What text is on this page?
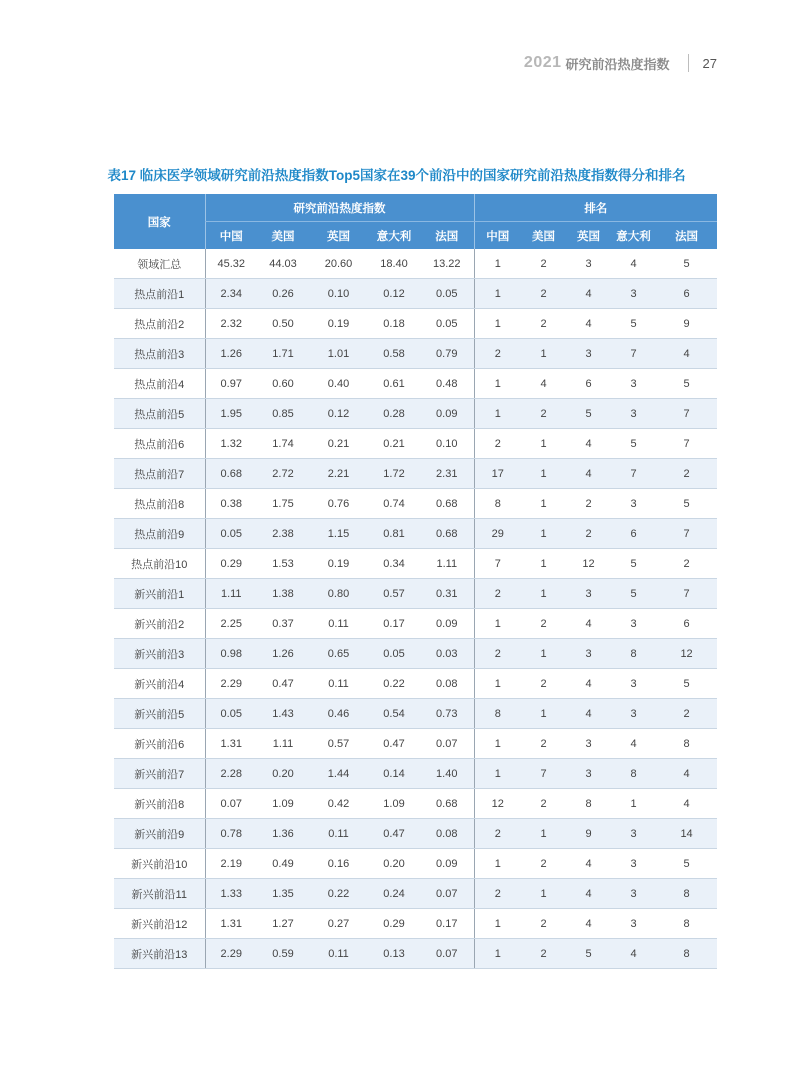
2021 研究前沿热度指数	27
表17 临床医学领域研究前沿热度指数Top5国家在39个前沿中的国家研究前沿热度指数得分和排名
国家	研究前沿热度指数					排名				
	中国	美国	英国	意大利	法国	中国	美国	英国	意大利	法国
领域汇总	45.32	44.03	20.60	18.40	13.22	1	2	3	4	5
热点前沿1	2.34	0.26	0.10	0.12	0.05	1	2	4	3	6
热点前沿2	2.32	0.50	0.19	0.18	0.05	1	2	4	5	9
热点前沿3	1.26	1.71	1.01	0.58	0.79	2	1	3	7	4
热点前沿4	0.97	0.60	0.40	0.61	0.48	1	4	6	3	5
热点前沿5	1.95	0.85	0.12	0.28	0.09	1	2	5	3	7
热点前沿6	1.32	1.74	0.21	0.21	0.10	2	1	4	5	7
热点前沿7	0.68	2.72	2.21	1.72	2.31	17	1	4	7	2
热点前沿8	0.38	1.75	0.76	0.74	0.68	8	1	2	3	5
热点前沿9	0.05	2.38	1.15	0.81	0.68	29	1	2	6	7
热点前沿10	0.29	1.53	0.19	0.34	1.11	7	1	12	5	2
新兴前沿1	1.11	1.38	0.80	0.57	0.31	2	1	3	5	7
新兴前沿2	2.25	0.37	0.11	0.17	0.09	1	2	4	3	6
新兴前沿3	0.98	1.26	0.65	0.05	0.03	2	1	3	8	12
新兴前沿4	2.29	0.47	0.11	0.22	0.08	1	2	4	3	5
新兴前沿5	0.05	1.43	0.46	0.54	0.73	8	1	4	3	2
新兴前沿6	1.31	1.11	0.57	0.47	0.07	1	2	3	4	8
新兴前沿7	2.28	0.20	1.44	0.14	1.40	1	7	3	8	4
新兴前沿8	0.07	1.09	0.42	1.09	0.68	12	2	8	1	4
新兴前沿9	0.78	1.36	0.11	0.47	0.08	2	1	9	3	14
新兴前沿10	2.19	0.49	0.16	0.20	0.09	1	2	4	3	5
新兴前沿11	1.33	1.35	0.22	0.24	0.07	2	1	4	3	8
新兴前沿12	1.31	1.27	0.27	0.29	0.17	1	2	4	3	8
新兴前沿13	2.29	0.59	0.11	0.13	0.07	1	2	5	4	8
